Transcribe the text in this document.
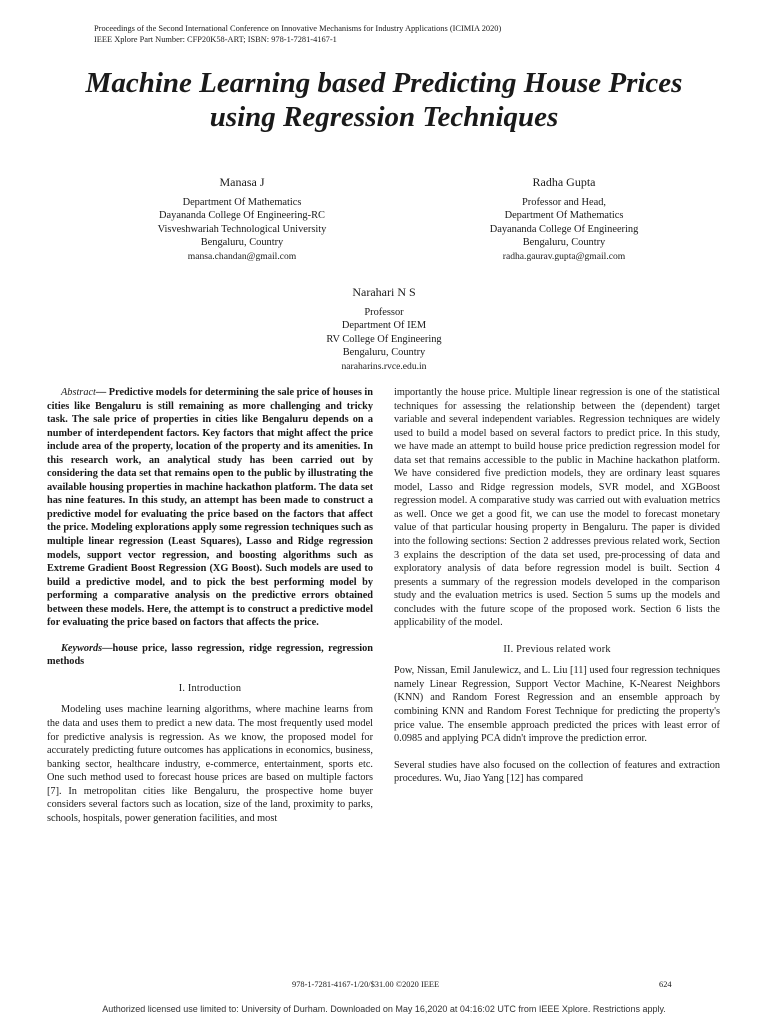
Proceedings of the Second International Conference on Innovative Mechanisms for Industry Applications (ICIMIA 2020)
IEEE Xplore Part Number: CFP20K58-ART; ISBN: 978-1-7281-4167-1
Machine Learning based Predicting House Prices
using Regression Techniques
Manasa J
Department Of Mathematics
Dayananda College Of Engineering-RC
Visveshwariah Technological University
Bengaluru, Country
mansa.chandan@gmail.com
Radha Gupta
Professor and Head,
Department Of Mathematics
Dayananda College Of Engineering
Bengaluru, Country
radha.gaurav.gupta@gmail.com
Narahari N S
Professor
Department Of IEM
RV College Of Engineering
Bengaluru, Country
naraharins.rvce.edu.in

Abstract— Predictive models for determining the sale price of houses in cities like Bengaluru is still remaining as more challenging and tricky task. The sale price of properties in cities like Bengaluru depends on a number of interdependent factors. Key factors that might affect the price include area of the property, location of the property and its amenities. In this research work, an analytical study has been carried out by considering the data set that remains open to the public by illustrating the available housing properties in machine hackathon platform. The data set has nine features. In this study, an attempt has been made to construct a predictive model for evaluating the price based on the factors that affect the price. Modeling explorations apply some regression techniques such as multiple linear regression (Least Squares), Lasso and Ridge regression models, support vector regression, and boosting algorithms such as Extreme Gradient Boost Regression (XG Boost). Such models are used to build a predictive model, and to pick the best performing model by performing a comparative analysis on the predictive errors obtained between these models. Here, the attempt is to construct a predictive model for evaluating the price based on factors that affects the price.

Keywords—house price, lasso regression, ridge regression, regression methods

I. Introduction

Modeling uses machine learning algorithms, where machine learns from the data and uses them to predict a new data. The most frequently used model for predictive analysis is regression. As we know, the proposed model for accurately predicting future outcomes has applications in economics, business, banking sector, healthcare industry, e-commerce, entertainment, sports etc. One such method used to forecast house prices are based on multiple factors [7]. In metropolitan cities like Bengaluru, the prospective home buyer considers several factors such as location, size of the land, proximity to parks, schools, hospitals, power generation facilities, and most

importantly the house price. Multiple linear regression is one of the statistical techniques for assessing the relationship between the (dependent) target variable and several independent variables. Regression techniques are widely used to build a model based on several factors to predict price. In this study, we have made an attempt to build house price prediction regression model for data set that remains accessible to the public in Machine hackathon platform. We have considered five prediction models, they are ordinary least squares model, Lasso and Ridge regression models, SVR model, and XGBoost regression model. A comparative study was carried out with evaluation metrics as well. Once we get a good fit, we can use the model to forecast monetary value of that particular housing property in Bengaluru. The paper is divided into the following sections: Section 2 addresses previous related work, Section 3 explains the description of the data set used, pre-processing of data and exploratory analysis of data before regression model is built. Section 4 presents a summary of the regression models developed in the comparison study and the evaluation metrics is used. Section 5 sums up the models and concludes with the future scope of the proposed work. Section 6 lists the applicability of the model.

II. Previous related work

Pow, Nissan, Emil Janulewicz, and L. Liu [11] used four regression techniques namely Linear Regression, Support Vector Machine, K-Nearest Neighbors (KNN) and Random Forest Regression and an ensemble approach by combining KNN and Random Forest Technique for predicting the property's price value. The ensemble approach predicted the prices with least error of 0.0985 and applying PCA didn't improve the prediction error.

Several studies have also focused on the collection of features and extraction procedures. Wu, Jiao Yang [12] has compared

978-1-7281-4167-1/20/$31.00 ©2020 IEEE	624
Authorized licensed use limited to: University of Durham. Downloaded on May 16,2020 at 04:16:02 UTC from IEEE Xplore. Restrictions apply.
